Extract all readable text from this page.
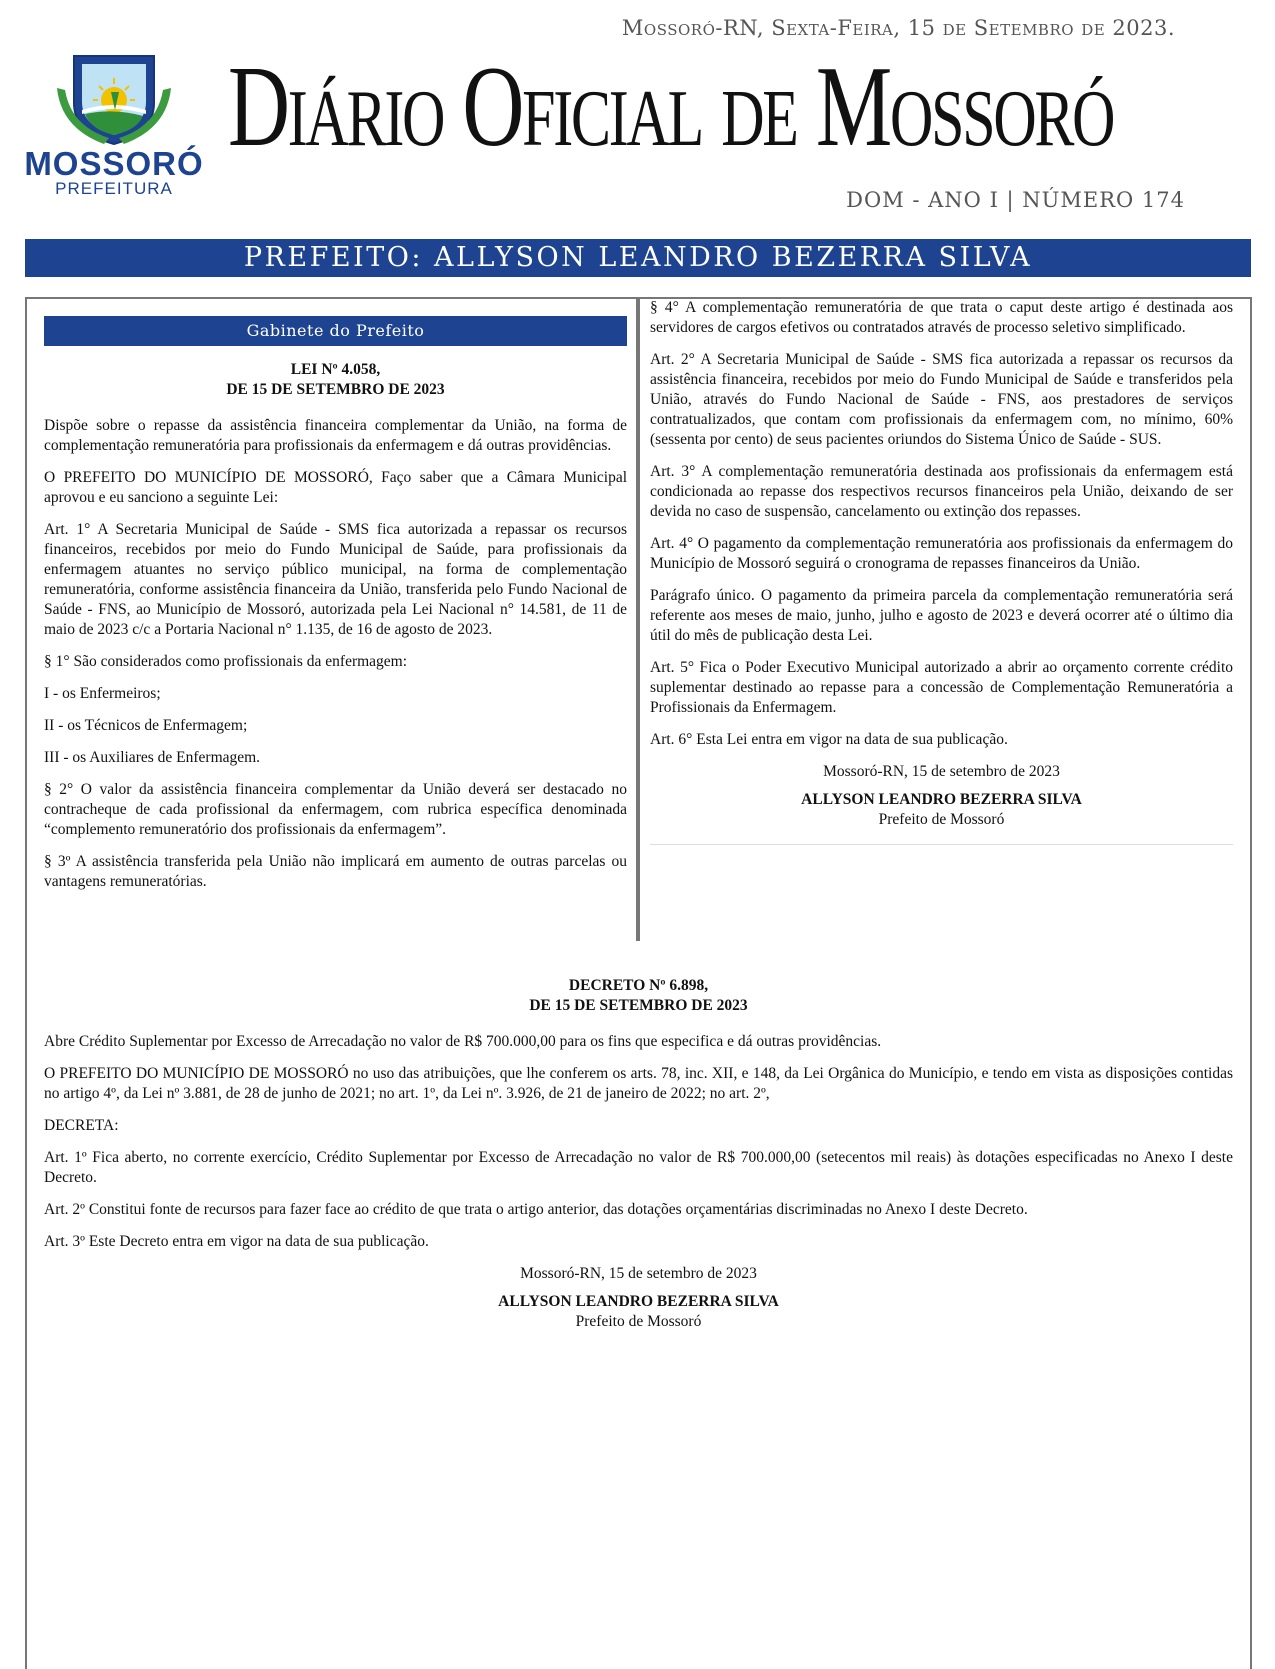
MOSSORÓ
PREFEITURA
Mossoró-RN, Sexta-Feira, 15 de Setembro de 2023.
Diário Oficial de Mossoró
DOM - ANO I | NÚMERO 174
PREFEITO: ALLYSON LEANDRO BEZERRA SILVA
Gabinete do Prefeito
LEI Nº 4.058,
DE 15 DE SETEMBRO DE 2023

Dispõe sobre o repasse da assistência financeira complementar da União, na forma de complementação remuneratória para profissionais da enfermagem e dá outras providências.

O PREFEITO DO MUNICÍPIO DE MOSSORÓ, Faço saber que a Câmara Municipal aprovou e eu sanciono a seguinte Lei:

Art. 1° A Secretaria Municipal de Saúde - SMS fica autorizada a repassar os recursos financeiros, recebidos por meio do Fundo Municipal de Saúde, para profissionais da enfermagem atuantes no serviço público municipal, na forma de complementação remuneratória, conforme assistência financeira da União, transferida pelo Fundo Nacional de Saúde - FNS, ao Município de Mossoró, autorizada pela Lei Nacional n° 14.581, de 11 de maio de 2023 c/c a Portaria Nacional n° 1.135, de 16 de agosto de 2023.

§ 1° São considerados como profissionais da enfermagem:

I - os Enfermeiros;

II - os Técnicos de Enfermagem;

III - os Auxiliares de Enfermagem.

§ 2° O valor da assistência financeira complementar da União deverá ser destacado no contracheque de cada profissional da enfermagem, com rubrica específica denominada “complemento remuneratório dos profissionais da enfermagem”.

§ 3º A assistência transferida pela União não implicará em aumento de outras parcelas ou vantagens remuneratórias.

§ 4° A complementação remuneratória de que trata o caput deste artigo é destinada aos servidores de cargos efetivos ou contratados através de processo seletivo simplificado.

Art. 2° A Secretaria Municipal de Saúde - SMS fica autorizada a repassar os recursos da assistência financeira, recebidos por meio do Fundo Municipal de Saúde e transferidos pela União, através do Fundo Nacional de Saúde - FNS, aos prestadores de serviços contratualizados, que contam com profissionais da enfermagem com, no mínimo, 60% (sessenta por cento) de seus pacientes oriundos do Sistema Único de Saúde - SUS.

Art. 3° A complementação remuneratória destinada aos profissionais da enfermagem está condicionada ao repasse dos respectivos recursos financeiros pela União, deixando de ser devida no caso de suspensão, cancelamento ou extinção dos repasses.

Art. 4° O pagamento da complementação remuneratória aos profissionais da enfermagem do Município de Mossoró seguirá o cronograma de repasses financeiros da União.

Parágrafo único. O pagamento da primeira parcela da complementação remuneratória será referente aos meses de maio, junho, julho e agosto de 2023 e deverá ocorrer até o último dia útil do mês de publicação desta Lei.

Art. 5° Fica o Poder Executivo Municipal autorizado a abrir ao orçamento corrente crédito suplementar destinado ao repasse para a concessão de Complementação Remuneratória a Profissionais da Enfermagem.

Art. 6° Esta Lei entra em vigor na data de sua publicação.

Mossoró-RN, 15 de setembro de 2023
ALLYSON LEANDRO BEZERRA SILVA
Prefeito de Mossoró
DECRETO Nº 6.898,
DE 15 DE SETEMBRO DE 2023

Abre Crédito Suplementar por Excesso de Arrecadação no valor de R$ 700.000,00 para os fins que especifica e dá outras providências.

O PREFEITO DO MUNICÍPIO DE MOSSORÓ no uso das atribuições, que lhe conferem os arts. 78, inc. XII, e 148, da Lei Orgânica do Município, e tendo em vista as disposições contidas no artigo 4º, da Lei nº 3.881, de 28 de junho de 2021; no art. 1º, da Lei nº. 3.926, de 21 de janeiro de 2022; no art. 2º,

DECRETA:

Art. 1º Fica aberto, no corrente exercício, Crédito Suplementar por Excesso de Arrecadação no valor de R$ 700.000,00 (setecentos mil reais) às dotações especificadas no Anexo I deste Decreto.

Art. 2º Constitui fonte de recursos para fazer face ao crédito de que trata o artigo anterior, das dotações orçamentárias discriminadas no Anexo I deste Decreto.

Art. 3º Este Decreto entra em vigor na data de sua publicação.

Mossoró-RN, 15 de setembro de 2023
ALLYSON LEANDRO BEZERRA SILVA
Prefeito de Mossoró
